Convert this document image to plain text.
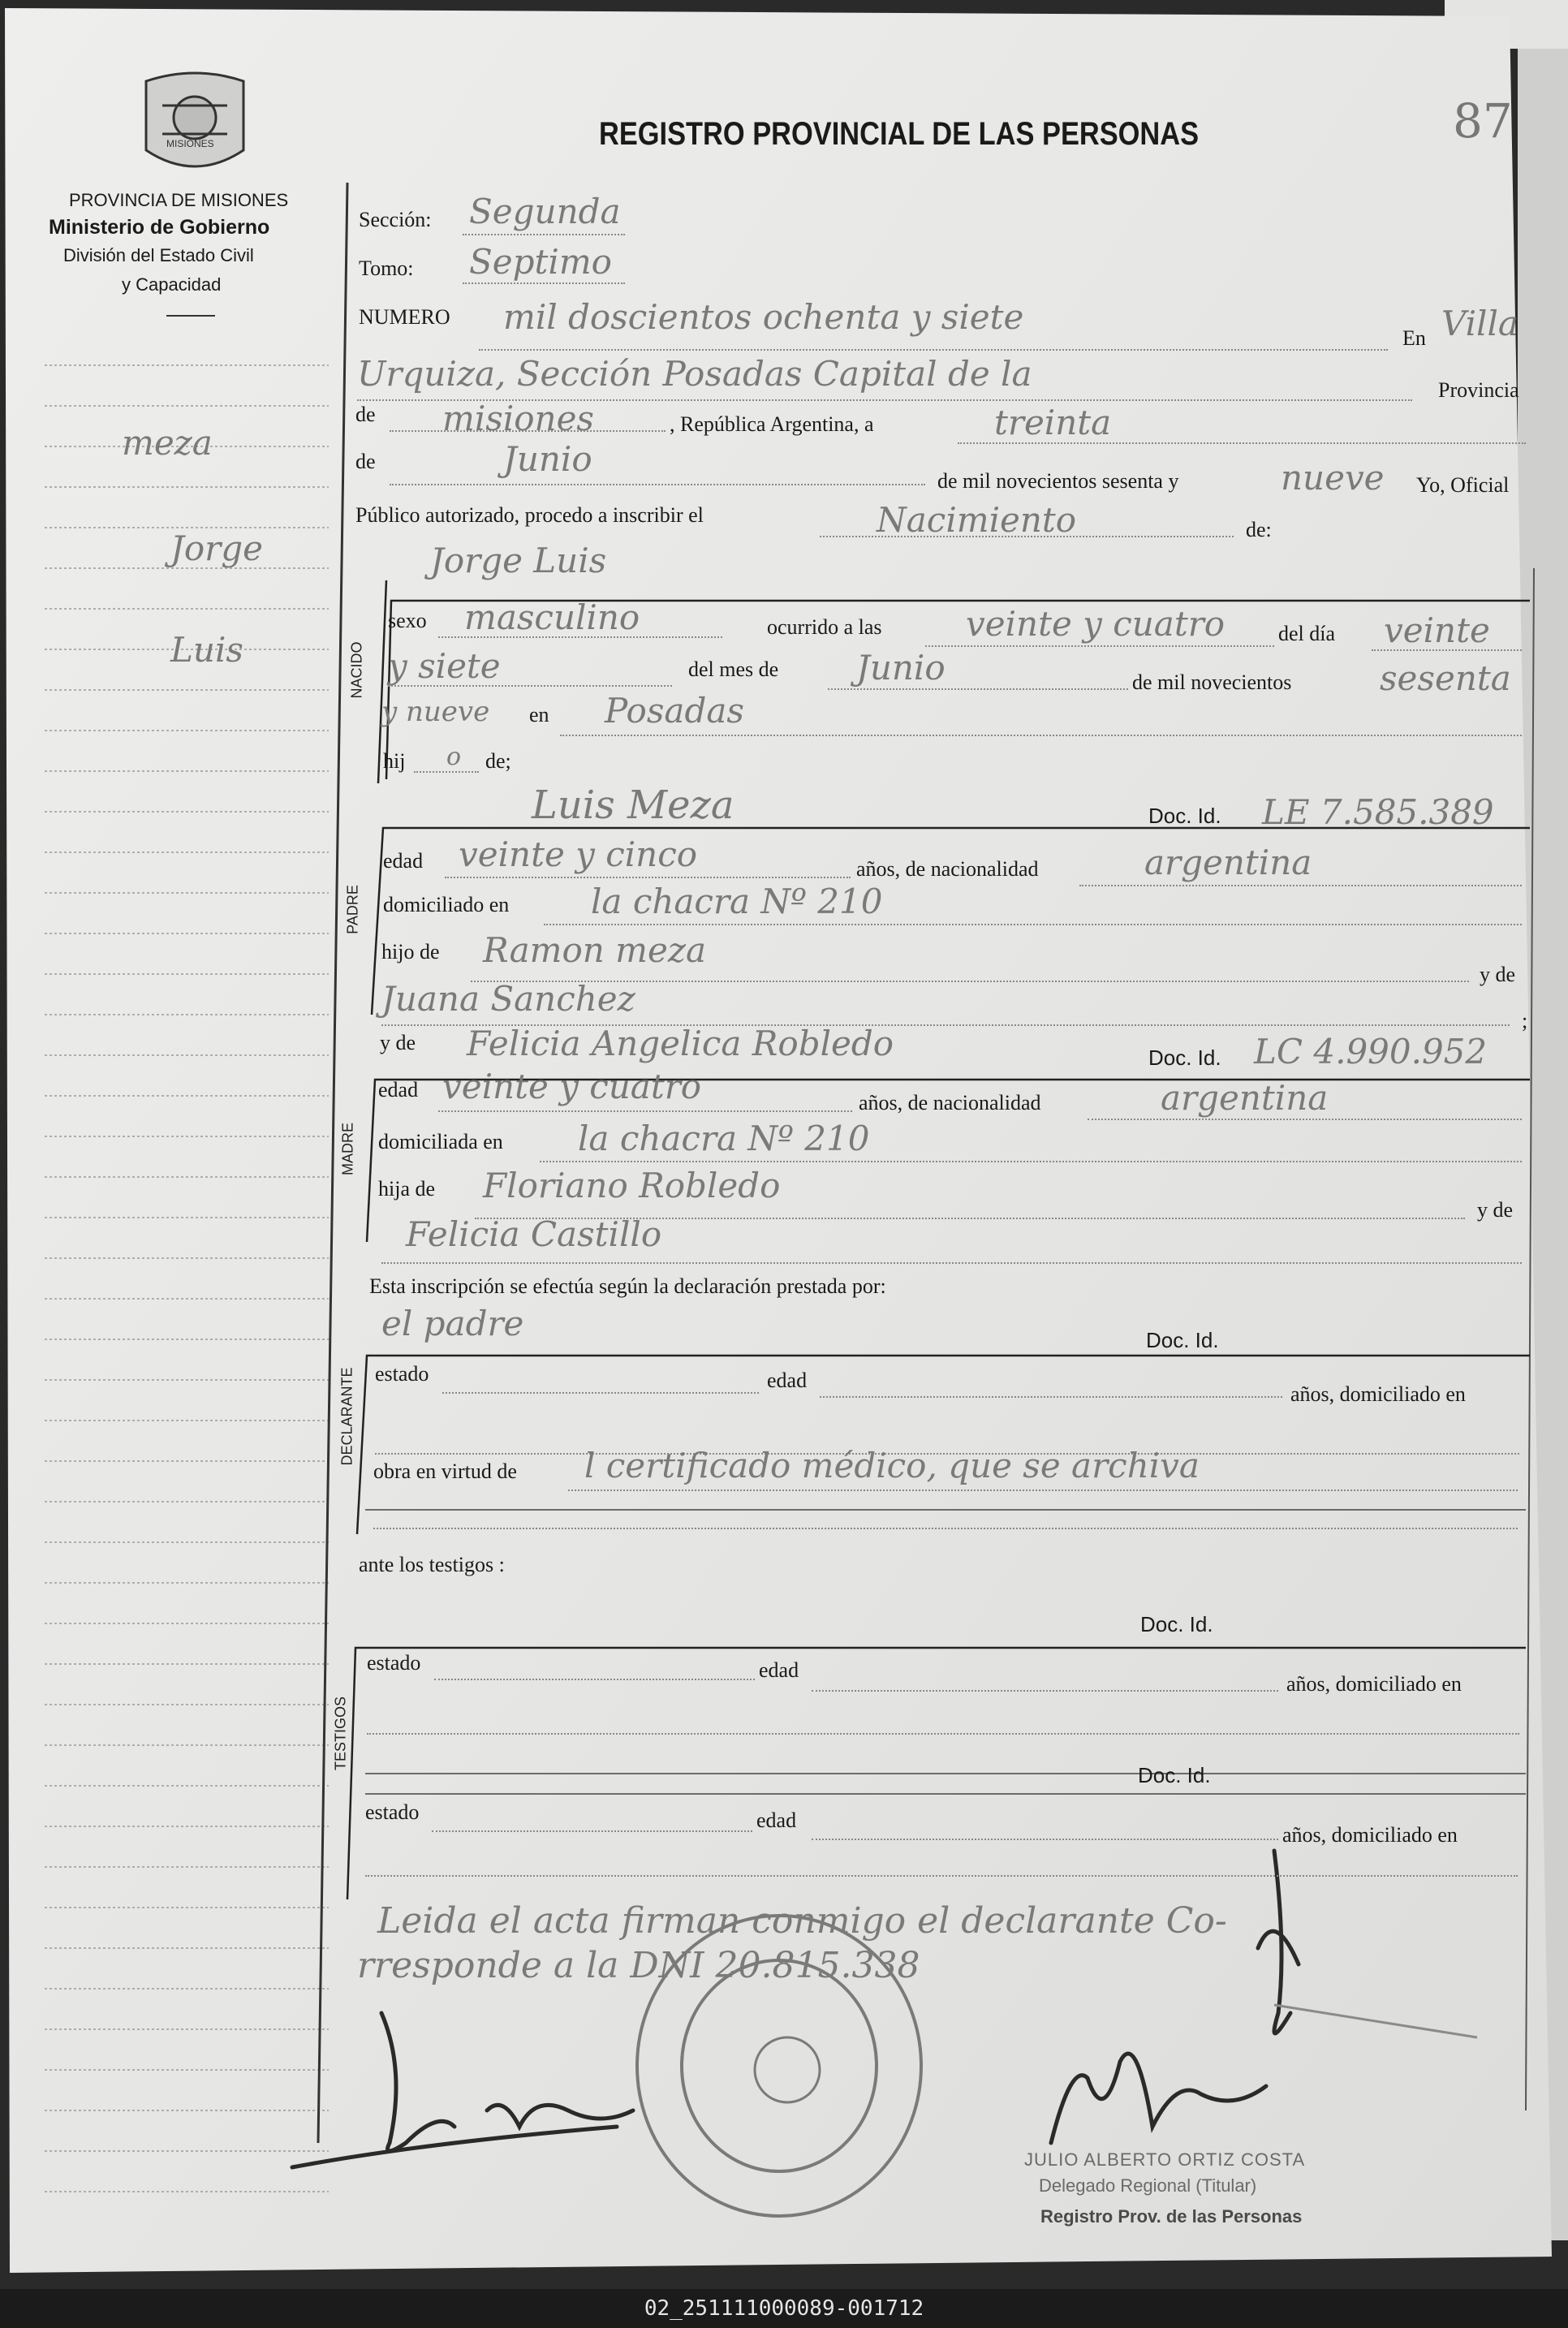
MISIONES
PROVINCIA DE MISIONES
Ministerio de Gobierno
División del Estado Civil
y Capacidad
REGISTRO PROVINCIAL DE LAS PERSONAS	87
meza
Jorge
Luis
Sección: Segunda
Tomo: Septimo
NUMERO mil doscientos ochenta y siete
En Villa
Urquiza, Sección Posadas Capital de la	Provincia
de misiones	, República Argentina, a	treinta
de	Junio
de mil novecientos sesenta y	nueve Yo, Oficial
Público autorizado, procedo a inscribir el	Nacimiento	de:
NACIDO
Jorge Luis
sexo masculino	ocurrido a las veinte y cuatro	del día veinte
y siete	del mes de Junio	de mil novecientos	sesenta
y nueve en Posadas
hij o de;
PADRE
Luis Meza	Doc. Id. LE 7.585.389
edad veinte y cinco	años, de nacionalidad	argentina
domiciliado en la chacra Nº 210
hijo de Ramon meza
y de
Juana Sanchez
;
MADRE
y de Felicia Angelica Robledo	Doc. Id. LC 4.990.952
edad veinte y cuatro	años, de nacionalidad	argentina
domiciliada en la chacra Nº 210
hija de Floriano Robledo
y de
Felicia Castillo
Esta inscripción se efectúa según la declaración prestada por:
DECLARANTE
el padre	Doc. Id.
estado	edad
años, domiciliado en
obra en virtud de l certificado médico, que se archiva
ante los testigos :
TESTIGOS
Doc. Id.
estado	edad
años, domiciliado en
Doc. Id.
estado	edad
años, domiciliado en
Leida el acta firman conmigo el declarante Co-
rresponde a la DNI 20.815.338
JULIO ALBERTO ORTIZ COSTA
Delegado Regional (Titular)
Registro Prov. de las Personas
02_251111000089-001712
